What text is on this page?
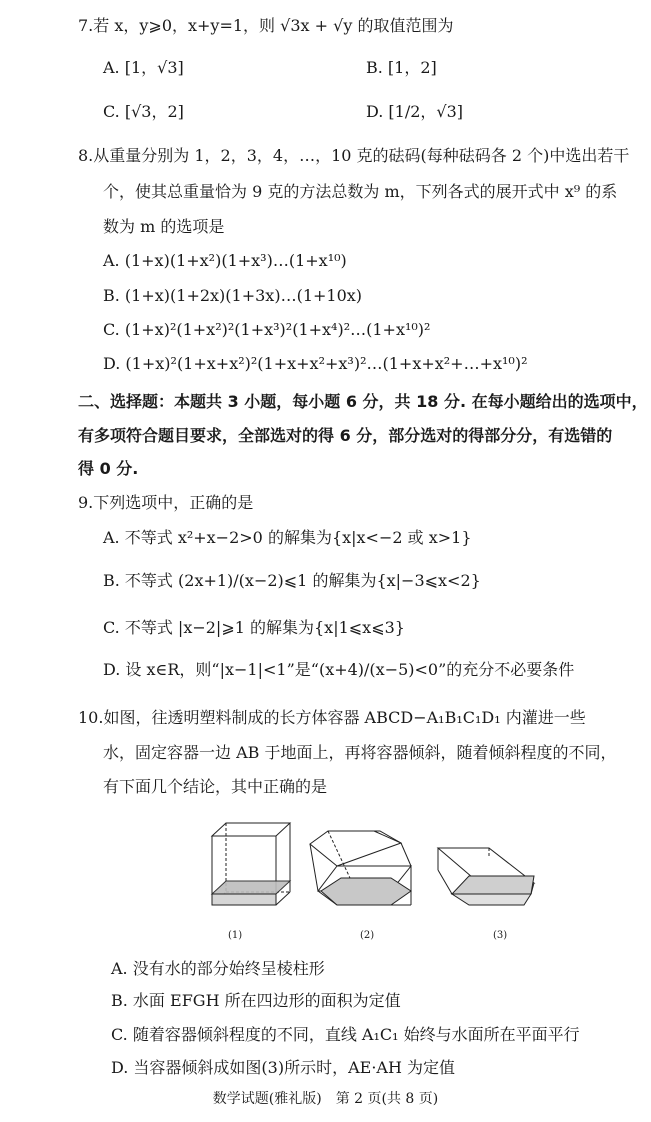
7.若 x，y⩾0，x+y=1，则 √3x + √y 的取值范围为
A. [1，√3]	B. [1，2]
C. [√3，2]	D. [1/2，√3]
8.从重量分别为 1，2，3，4，…，10 克的砝码(每种砝码各 2 个)中选出若干
个，使其总重量恰为 9 克的方法总数为 m，下列各式的展开式中 x⁹ 的系
数为 m 的选项是
A. (1+x)(1+x²)(1+x³)…(1+x¹⁰)
B. (1+x)(1+2x)(1+3x)…(1+10x)
C. (1+x)²(1+x²)²(1+x³)²(1+x⁴)²…(1+x¹⁰)²
D. (1+x)²(1+x+x²)²(1+x+x²+x³)²…(1+x+x²+…+x¹⁰)²
二、选择题：本题共 3 小题，每小题 6 分，共 18 分. 在每小题给出的选项中，
有多项符合题目要求，全部选对的得 6 分，部分选对的得部分分，有选错的
得 0 分.
9.下列选项中，正确的是
A. 不等式 x²+x−2>0 的解集为{x|x<−2 或 x>1}
B. 不等式 (2x+1)/(x−2)⩽1 的解集为{x|−3⩽x<2}
C. 不等式 |x−2|⩾1 的解集为{x|1⩽x⩽3}
D. 设 x∈R，则“|x−1|<1”是“(x+4)/(x−5)<0”的充分不必要条件
10.如图，往透明塑料制成的长方体容器 ABCD−A₁B₁C₁D₁ 内灌进一些
水，固定容器一边 AB 于地面上，再将容器倾斜，随着倾斜程度的不同，
有下面几个结论，其中正确的是
(1)	(2)	(3)
A. 没有水的部分始终呈棱柱形
B. 水面 EFGH 所在四边形的面积为定值
C. 随着容器倾斜程度的不同，直线 A₁C₁ 始终与水面所在平面平行
D. 当容器倾斜成如图(3)所示时，AE·AH 为定值
数学试题(雅礼版)　第 2 页(共 8 页)
